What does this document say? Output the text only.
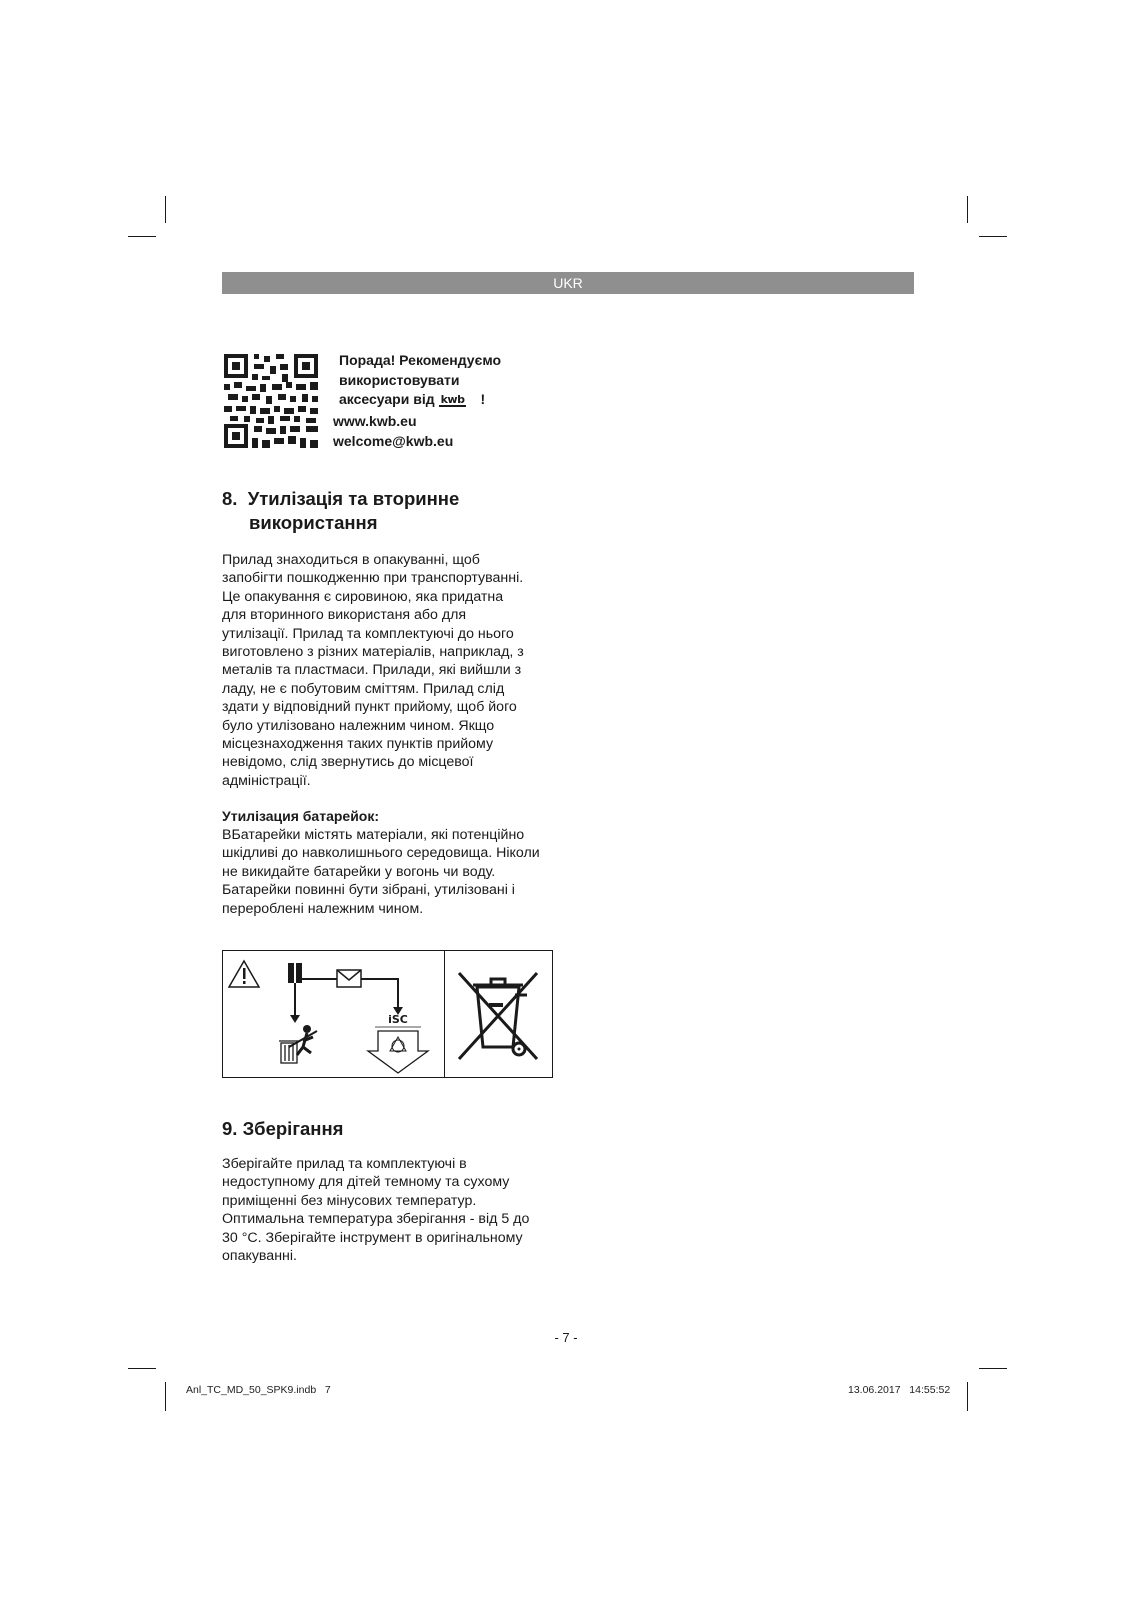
UKR
Порада! Рекомендуємо
використовувати
аксесуари від kwb !
www.kwb.eu
welcome@kwb.eu
8.  Утилізація та вторинне
використання
Прилад знаходиться в опакуванні, щоб
запобігти пошкодженню при транспортуванні.
Це опакування є сировиною, яка придатна
для вторинного використаня або для
утилізації. Прилад та комплектуючі до нього
виготовлено з різних матеріалів, наприклад, з
металів та пластмаси. Прилади, які вийшли з
ладу, не є побутовим сміттям. Прилад слід
здати у відповідний пункт прийому, щоб його
було утилізовано належним чином. Якщо
місцезнаходження таких пунктів прийому
невідомо, слід звернутись до місцевої
адміністрації.
Утилізация батарейок:
ВБатарейки містять матеріали, які потенційно
шкідливі до навколишнього середовища. Ніколи
не викидайте батарейки у вогонь чи воду.
Батарейки повинні бути зібрані, утилізовані і
перероблені належним чином.
iSC
9. Зберігання
Зберігайте прилад та комплектуючі в
недоступному для дітей темному та сухому
приміщенні без мінусових температур.
Оптимальна температура зберігання - від 5 до
30 °С. Зберігайте інструмент в оригінальному
опакуванні.
- 7 -
Anl_TC_MD_50_SPK9.indb   7	13.06.2017   14:55:52
